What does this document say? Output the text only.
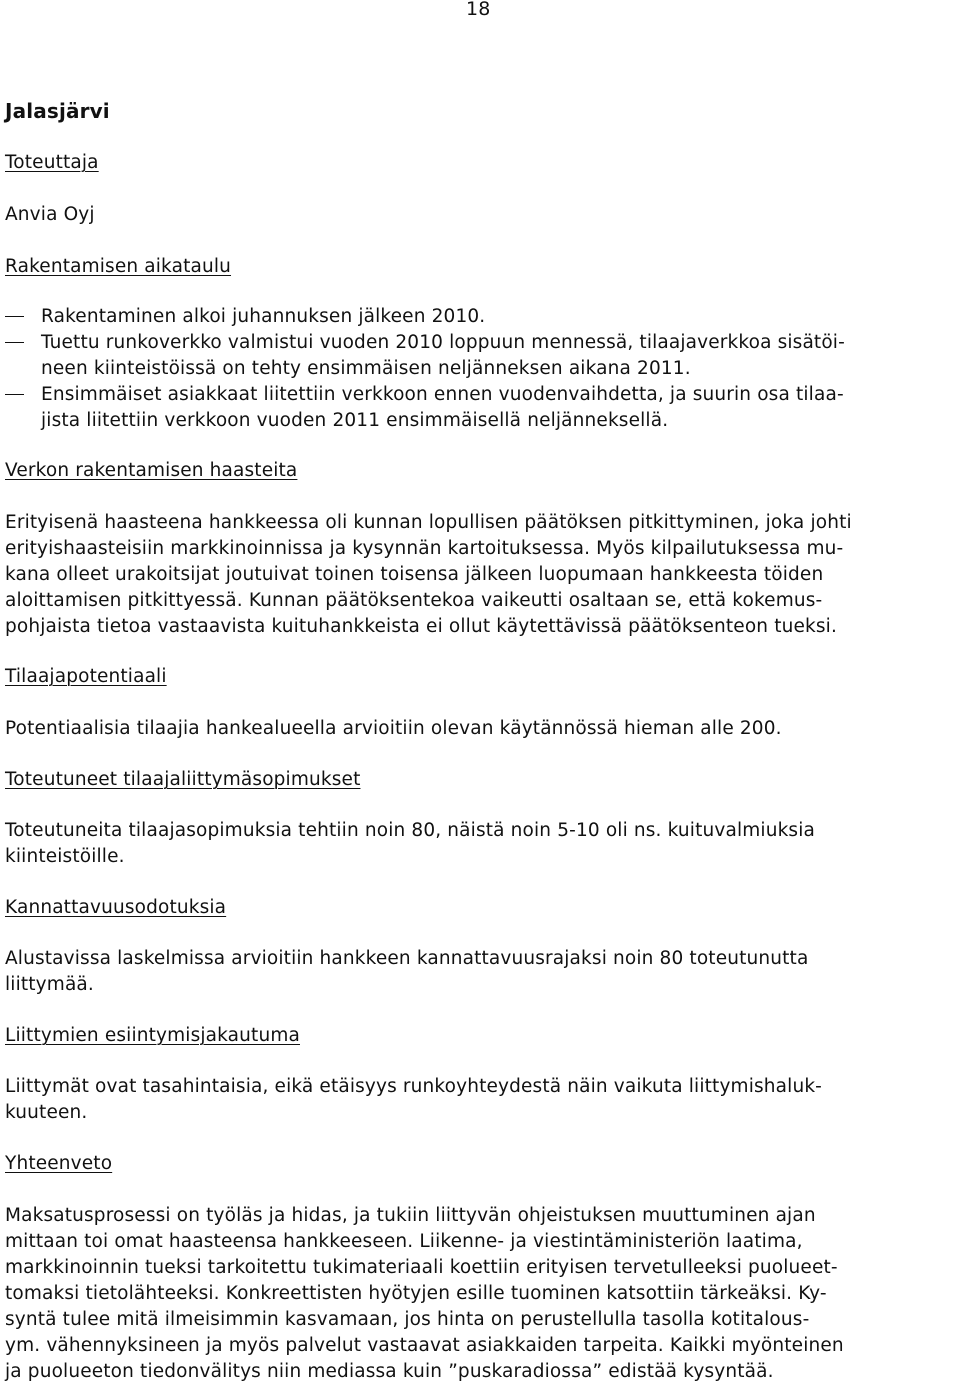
18
Jalasjärvi
Toteuttaja
Anvia Oyj
Rakentamisen aikataulu
Rakentaminen alkoi juhannuksen jälkeen 2010.
Tuettu runkoverkko valmistui vuoden 2010 loppuun mennessä, tilaajaverkkoa sisätöi-
neen kiinteistöissä on tehty ensimmäisen neljänneksen aikana 2011.
Ensimmäiset asiakkaat liitettiin verkkoon ennen vuodenvaihdetta, ja suurin osa tilaa-
jista liitettiin verkkoon vuoden 2011 ensimmäisellä neljänneksellä.
Verkon rakentamisen haasteita
Erityisenä haasteena hankkeessa oli kunnan lopullisen päätöksen pitkittyminen, joka johti
erityishaasteisiin markkinoinnissa ja kysynnän kartoituksessa. Myös kilpailutuksessa mu-
kana olleet urakoitsijat joutuivat toinen toisensa jälkeen luopumaan hankkeesta töiden
aloittamisen pitkittyessä. Kunnan päätöksentekoa vaikeutti osaltaan se, että kokemus-
pohjaista tietoa vastaavista kuituhankkeista ei ollut käytettävissä päätöksenteon tueksi.
Tilaajapotentiaali
Potentiaalisia tilaajia hankealueella arvioitiin olevan käytännössä hieman alle 200.
Toteutuneet tilaajaliittymäsopimukset
Toteutuneita tilaajasopimuksia tehtiin noin 80, näistä noin 5-10 oli ns. kuituvalmiuksia
kiinteistöille.
Kannattavuusodotuksia
Alustavissa laskelmissa arvioitiin hankkeen kannattavuusrajaksi noin 80 toteutunutta
liittymää.
Liittymien esiintymisjakautuma
Liittymät ovat tasahintaisia, eikä etäisyys runkoyhteydestä näin vaikuta liittymishaluk-
kuuteen.
Yhteenveto
Maksatusprosessi on työläs ja hidas, ja tukiin liittyvän ohjeistuksen muuttuminen ajan
mittaan toi omat haasteensa hankkeeseen. Liikenne- ja viestintäministeriön laatima,
markkinoinnin tueksi tarkoitettu tukimateriaali koettiin erityisen tervetulleeksi puolueet-
tomaksi tietolähteeksi. Konkreettisten hyötyjen esille tuominen katsottiin tärkeäksi. Ky-
syntä tulee mitä ilmeisimmin kasvamaan, jos hinta on perustellulla tasolla kotitalous-
ym. vähennyksineen ja myös palvelut vastaavat asiakkaiden tarpeita. Kaikki myönteinen
ja puolueeton tiedonvälitys niin mediassa kuin ”puskaradiossa” edistää kysyntää.
